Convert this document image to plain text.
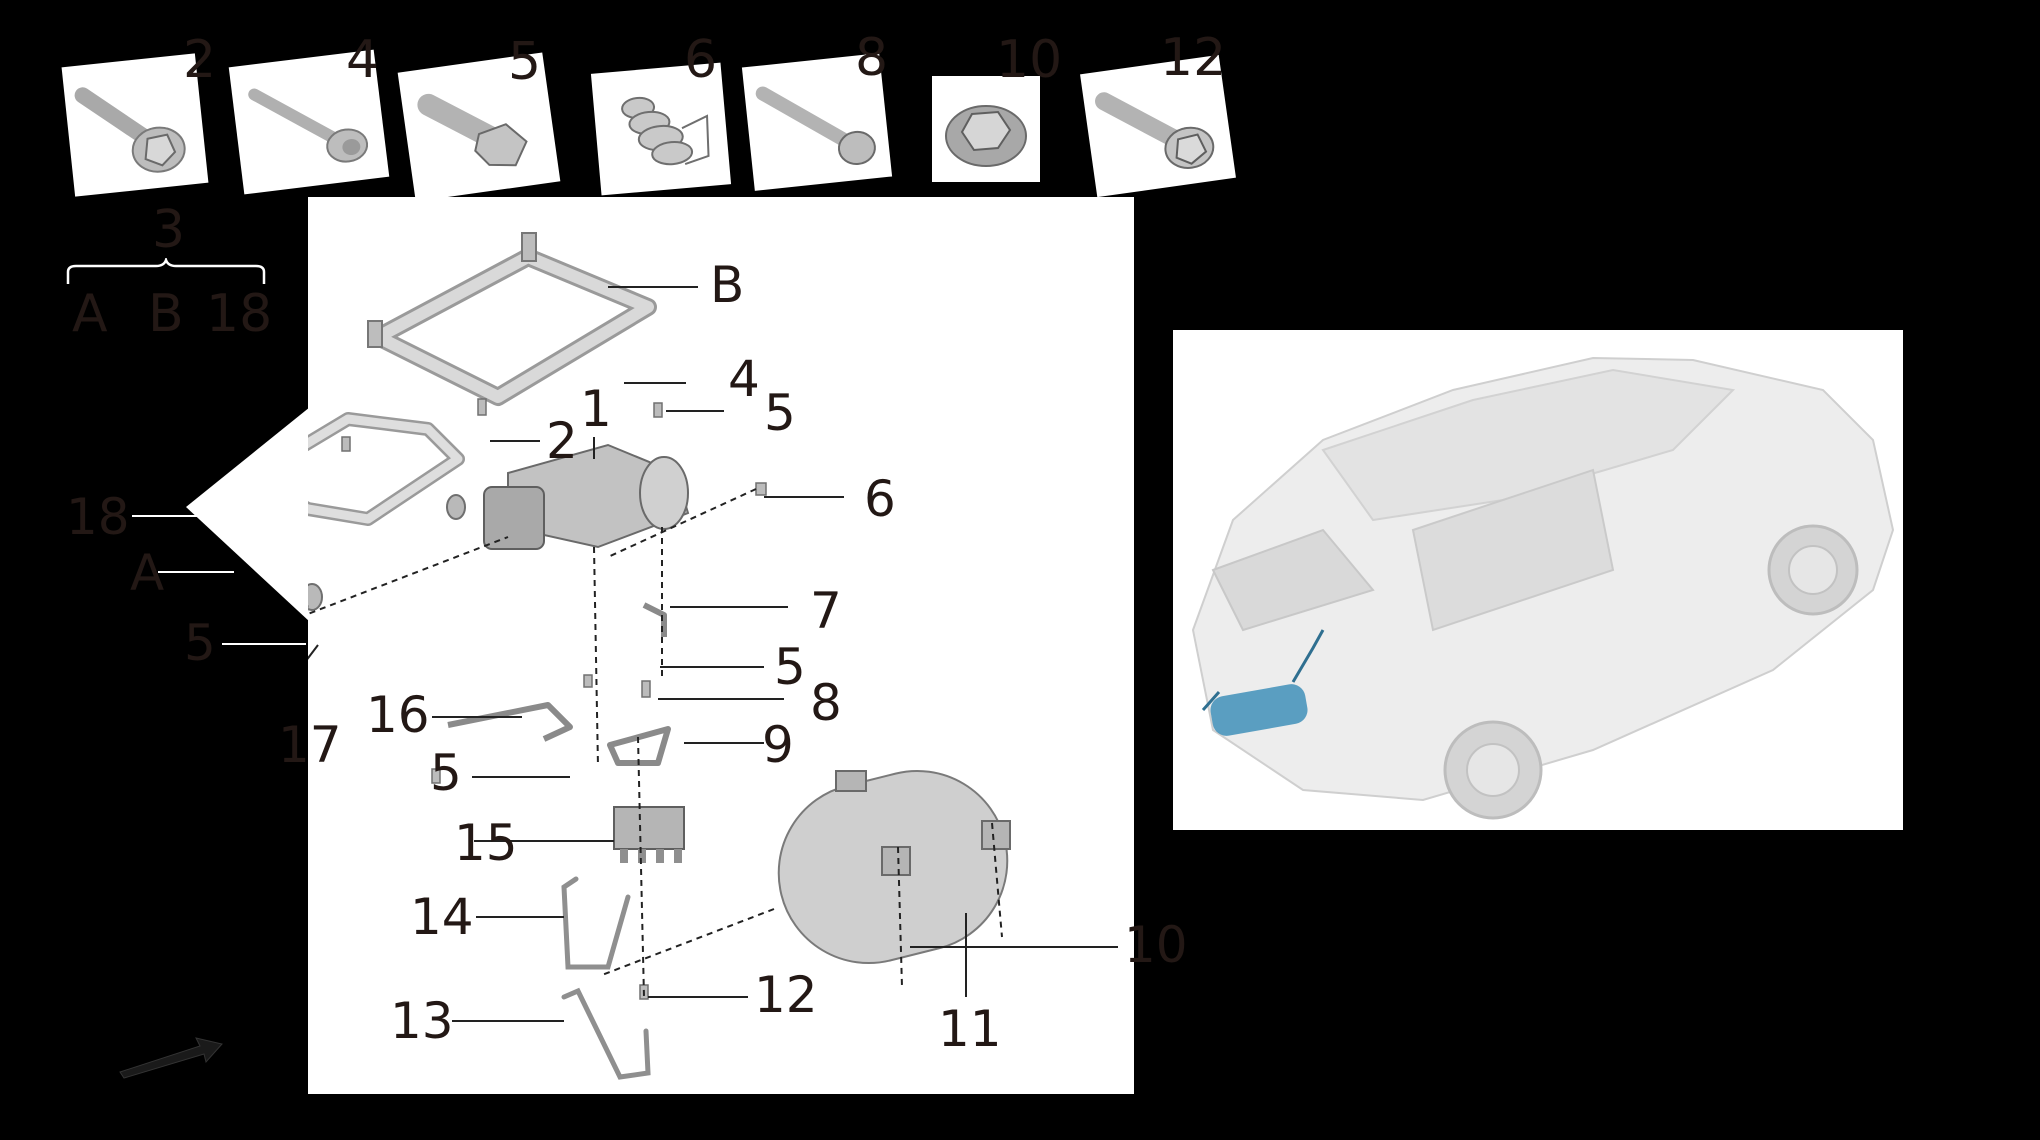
2 4 5	6	8 10 12
3
A B 18	B
1
4
5
2
6
18
A
7
5	5
8
16
17	9
5
15
14	10
12
13	11
